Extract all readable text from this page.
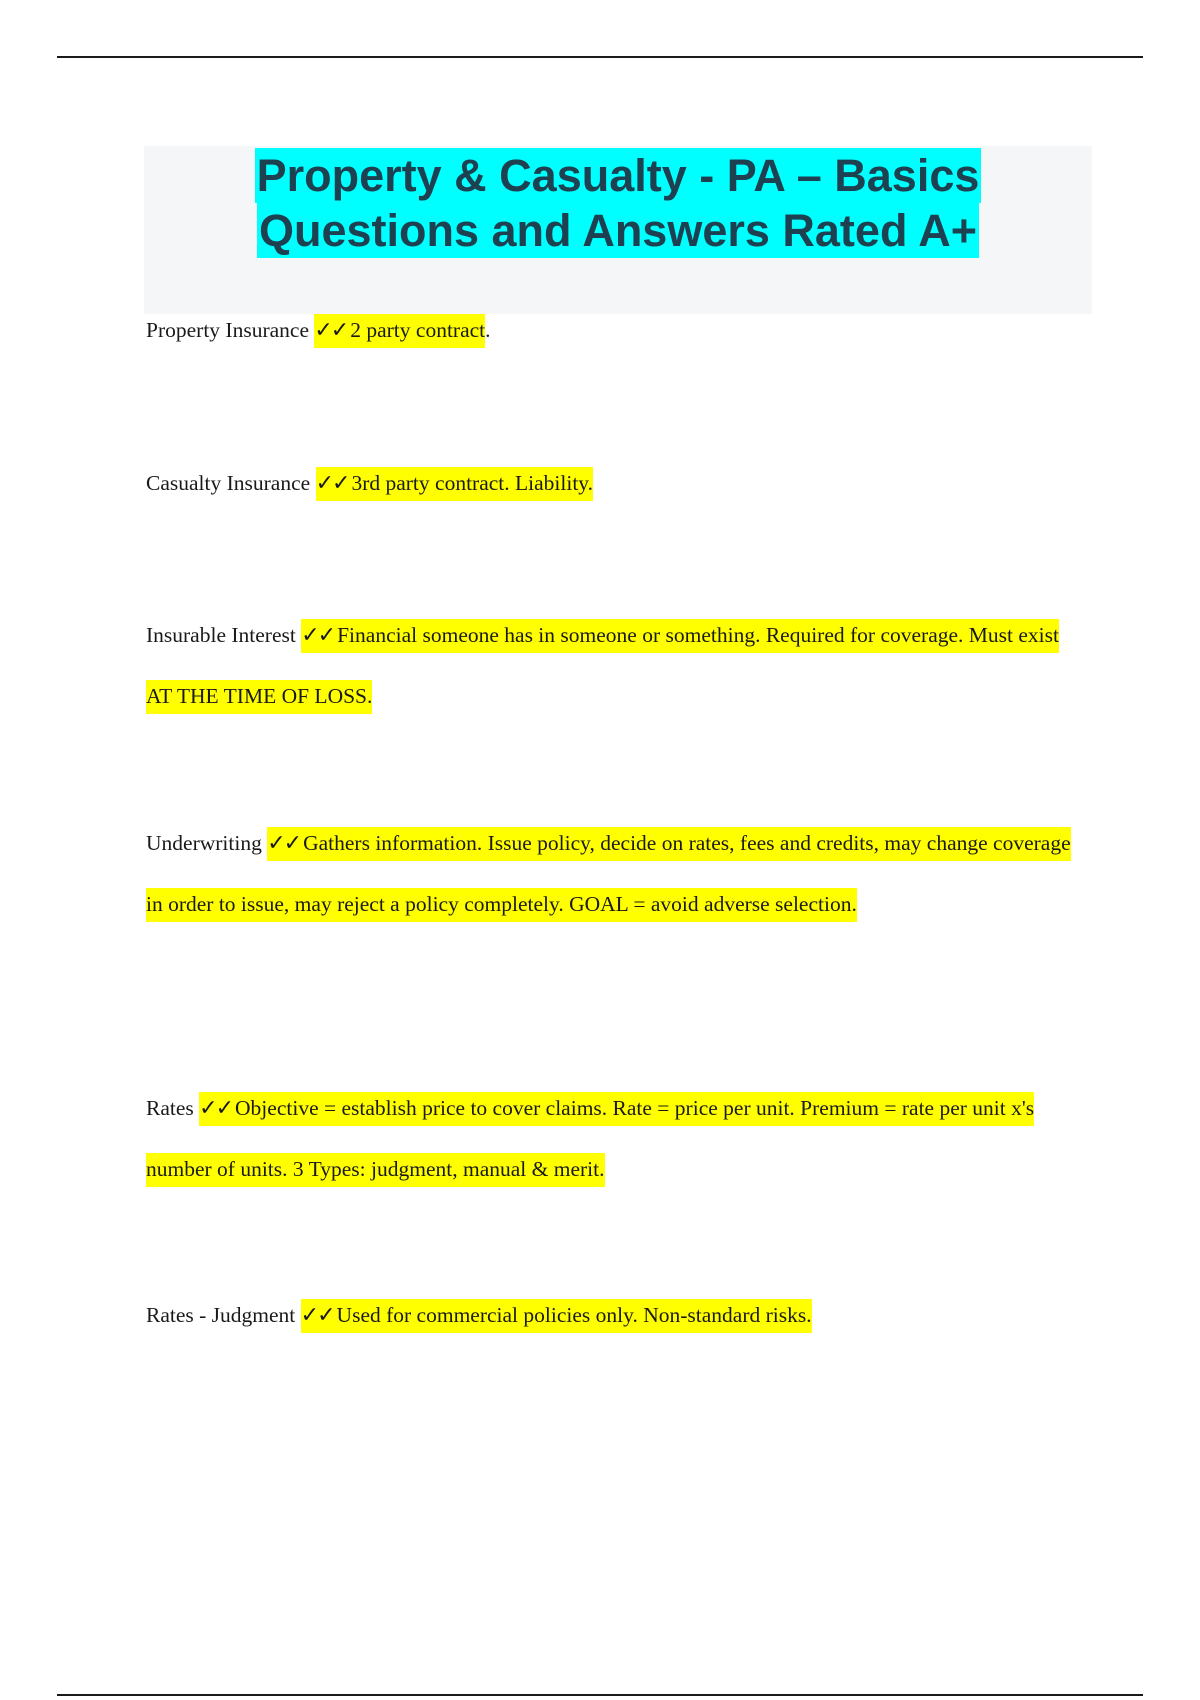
Property & Casualty - PA – Basics
Questions and Answers Rated A+

Property Insurance ✓✓ 2 party contract.

Casualty Insurance ✓✓ 3rd party contract. Liability.

Insurable Interest ✓✓ Financial someone has in someone or something. Required for coverage. Must exist AT THE TIME OF LOSS.

Underwriting ✓✓ Gathers information. Issue policy, decide on rates, fees and credits, may change coverage in order to issue, may reject a policy completely. GOAL = avoid adverse selection.

Rates ✓✓ Objective = establish price to cover claims. Rate = price per unit. Premium = rate per unit x's number of units. 3 Types: judgment, manual & merit.

Rates - Judgment ✓✓ Used for commercial policies only. Non-standard risks.
